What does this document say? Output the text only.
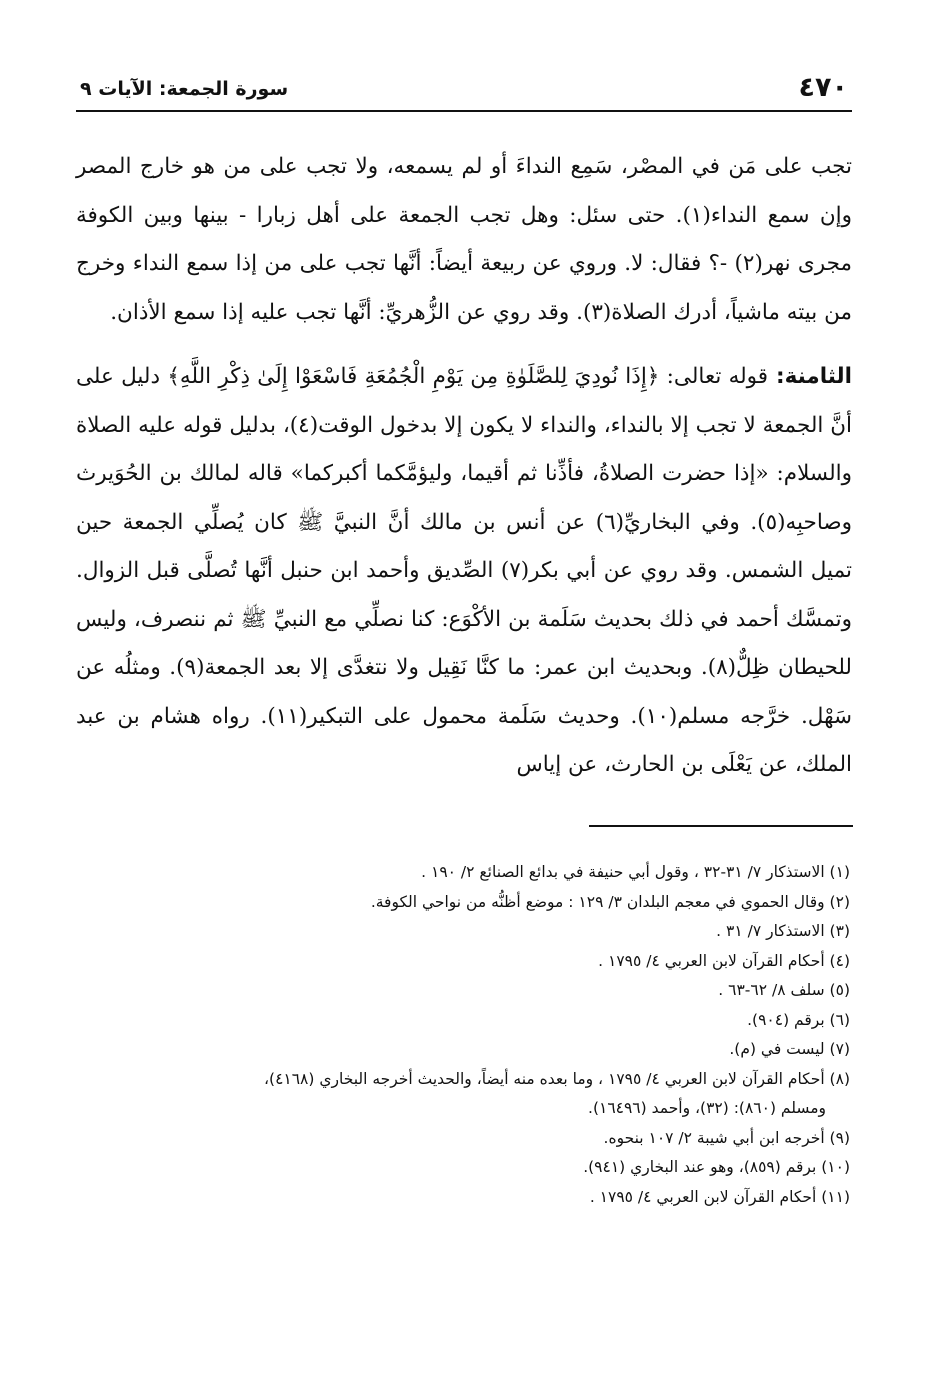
٤٧٠
سورة الجمعة: الآيات ٩

تجب على مَن في المصْر، سَمِع النداءَ أو لم يسمعه، ولا تجب على من هو خارج المصر وإن سمع النداء(١). حتى سئل: وهل تجب الجمعة على أهل زبارا - بينها وبين الكوفة مجرى نهر(٢) -؟ فقال: لا. وروي عن ربيعة أيضاً: أنَّها تجب على من إذا سمع النداء وخرج من بيته ماشياً، أدرك الصلاة(٣). وقد روي عن الزُّهريِّ: أنَّها تجب عليه إذا سمع الأذان.

الثامنة: قوله تعالى: ﴿إِذَا نُودِيَ لِلصَّلَوٰةِ مِن يَوْمِ الْجُمُعَةِ فَاسْعَوْا إِلَىٰ ذِكْرِ اللَّهِ﴾ دليل على أنَّ الجمعة لا تجب إلا بالنداء، والنداء لا يكون إلا بدخول الوقت(٤)، بدليل قوله عليه الصلاة والسلام: «إذا حضرت الصلاةُ، فأذِّنا ثم أقيما، وليؤمَّكما أكبركما» قاله لمالك بن الحُوَيرث وصاحبِه(٥). وفي البخاريِّ(٦) عن أنس بن مالك أنَّ النبيَّ ﷺ كان يُصلِّي الجمعة حين تميل الشمس. وقد روي عن أبي بكر(٧) الصِّديق وأحمد ابن حنبل أنَّها تُصلَّى قبل الزوال. وتمسَّك أحمد في ذلك بحديث سَلَمة بن الأكْوَع: كنا نصلِّي مع النبيِّ ﷺ ثم ننصرف، وليس للحيطان ظِلٌّ(٨). وبحديث ابن عمر: ما كنَّا نَقِيل ولا نتغدَّى إلا بعد الجمعة(٩). ومثلُه عن سَهْل. خرَّجه مسلم(١٠). وحديث سَلَمة محمول على التبكير(١١). رواه هشام بن عبد الملك، عن يَعْلَى بن الحارث، عن إياس

(١) الاستذكار ٧/ ٣١-٣٢ ، وقول أبي حنيفة في بدائع الصنائع ٢/ ١٩٠ .
(٢) وقال الحموي في معجم البلدان ٣/ ١٢٩ : موضع أظنُّه من نواحي الكوفة.
(٣) الاستذكار ٧/ ٣١ .
(٤) أحكام القرآن لابن العربي ٤/ ١٧٩٥ .
(٥) سلف ٨/ ٦٢-٦٣ .
(٦) برقم (٩٠٤).
(٧) ليست في (م).
(٨) أحكام القرآن لابن العربي ٤/ ١٧٩٥ ، وما بعده منه أيضاً، والحديث أخرجه البخاري (٤١٦٨)،
ومسلم (٨٦٠): (٣٢)، وأحمد (١٦٤٩٦).
(٩) أخرجه ابن أبي شيبة ٢/ ١٠٧ بنحوه.
(١٠) برقم (٨٥٩)، وهو عند البخاري (٩٤١).
(١١) أحكام القرآن لابن العربي ٤/ ١٧٩٥ .
